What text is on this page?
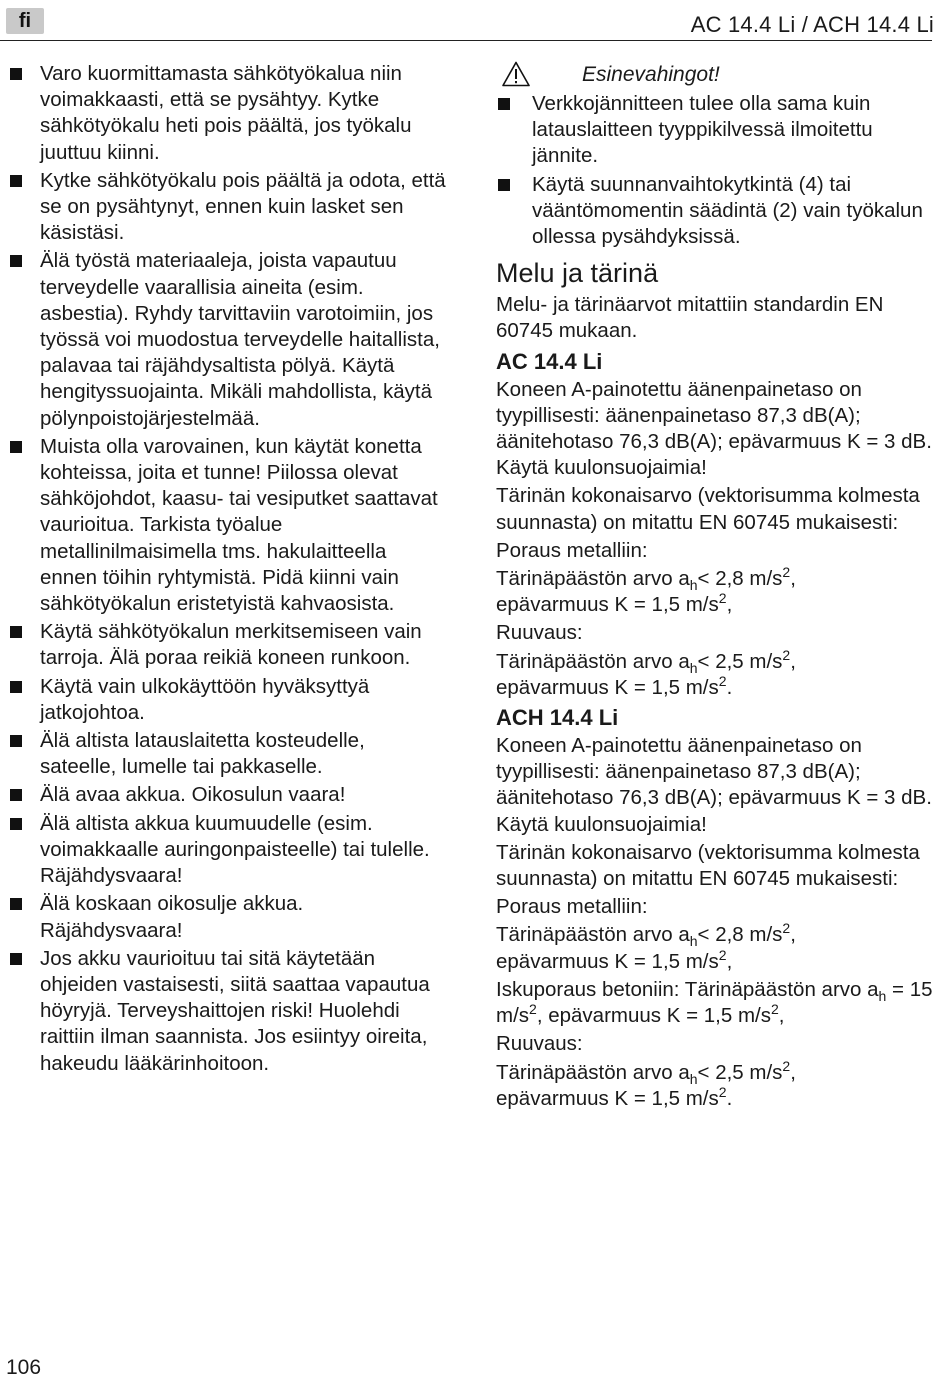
fi	AC 14.4 Li / ACH 14.4 Li
Varo kuormittamasta sähkötyökalua niin voimakkaasti, että se pysähtyy. Kytke sähkötyökalu heti pois päältä, jos työkalu juuttuu kiinni.
Kytke sähkötyökalu pois päältä ja odota, että se on pysähtynyt, ennen kuin lasket sen käsistäsi.
Älä työstä materiaaleja, joista vapautuu terveydelle vaarallisia aineita (esim. asbestia). Ryhdy tarvittaviin varotoimiin, jos työssä voi muodostua terveydelle haitallista, palavaa tai räjähdysaltista pölyä. Käytä hengityssuojainta. Mikäli mahdollista, käytä pölynpoistojärjestelmää.
Muista olla varovainen, kun käytät konetta kohteissa, joita et tunne! Piilossa olevat sähköjohdot, kaasu- tai vesiputket saattavat vaurioitua. Tarkista työalue metallinilmaisimella tms. hakulaitteella ennen töihin ryhtymistä. Pidä kiinni vain sähkötyökalun eristetyistä kahvaosista.
Käytä sähkötyökalun merkitsemiseen vain tarroja. Älä poraa reikiä koneen runkoon.
Käytä vain ulkokäyttöön hyväksyttyä jatkojohtoa.
Älä altista latauslaitetta kosteudelle, sateelle, lumelle tai pakkaselle.
Älä avaa akkua. Oikosulun vaara!
Älä altista akkua kuumuudelle (esim. voimakkaalle auringonpaisteelle) tai tulelle. Räjähdysvaara!
Älä koskaan oikosulje akkua. Räjähdysvaara!
Jos akku vaurioituu tai sitä käytetään ohjeiden vastaisesti, siitä saattaa vapautua höyryjä. Terveyshaittojen riski! Huolehdi raittiin ilman saannista. Jos esiintyy oireita, hakeudu lääkärinhoitoon.
Esinevahingot!
Verkkojännitteen tulee olla sama kuin latauslaitteen tyyppikilvessä ilmoitettu jännite.
Käytä suunnanvaihtokytkintä (4) tai vääntömomentin säädintä (2) vain työkalun ollessa pysähdyksissä.
Melu ja tärinä

Melu- ja tärinäarvot mitattiin standardin EN 60745 mukaan.

AC 14.4 Li

Koneen A-painotettu äänenpainetaso on tyypillisesti: äänenpainetaso 87,3 dB(A); äänitehotaso 76,3 dB(A); epävarmuus K = 3 dB. Käytä kuulonsuojaimia!

Tärinän kokonaisarvo (vektorisumma kolmesta suunnasta) on mitattu EN 60745 mukaisesti:

Poraus metalliin:

Tärinäpäästön arvo $a_h< 2,8$ $m/s^2$,
epävarmuus K = 1,5 $m/s^2$,

Ruuvaus:

Tärinäpäästön arvo $a_h< 2,5$ $m/s^2$,
epävarmuus K = 1,5 $m/s^2$.

ACH 14.4 Li

Koneen A-painotettu äänenpainetaso on tyypillisesti: äänenpainetaso 87,3 dB(A); äänitehotaso 76,3 dB(A); epävarmuus K = 3 dB. Käytä kuulonsuojaimia!

Tärinän kokonaisarvo (vektorisumma kolmesta suunnasta) on mitattu EN 60745 mukaisesti:

Poraus metalliin:

Tärinäpäästön arvo $a_h< 2,8$ $m/s^2$,
epävarmuus K = 1,5 $m/s^2$,

Iskuporaus betoniin: Tärinäpäästön arvo $a_h = 15$ $m/s^2$, epävarmuus K = 1,5 $m/s^2$,

Ruuvaus:

Tärinäpäästön arvo $a_h< 2,5$ $m/s^2$,
epävarmuus K = 1,5 $m/s^2$.

106
